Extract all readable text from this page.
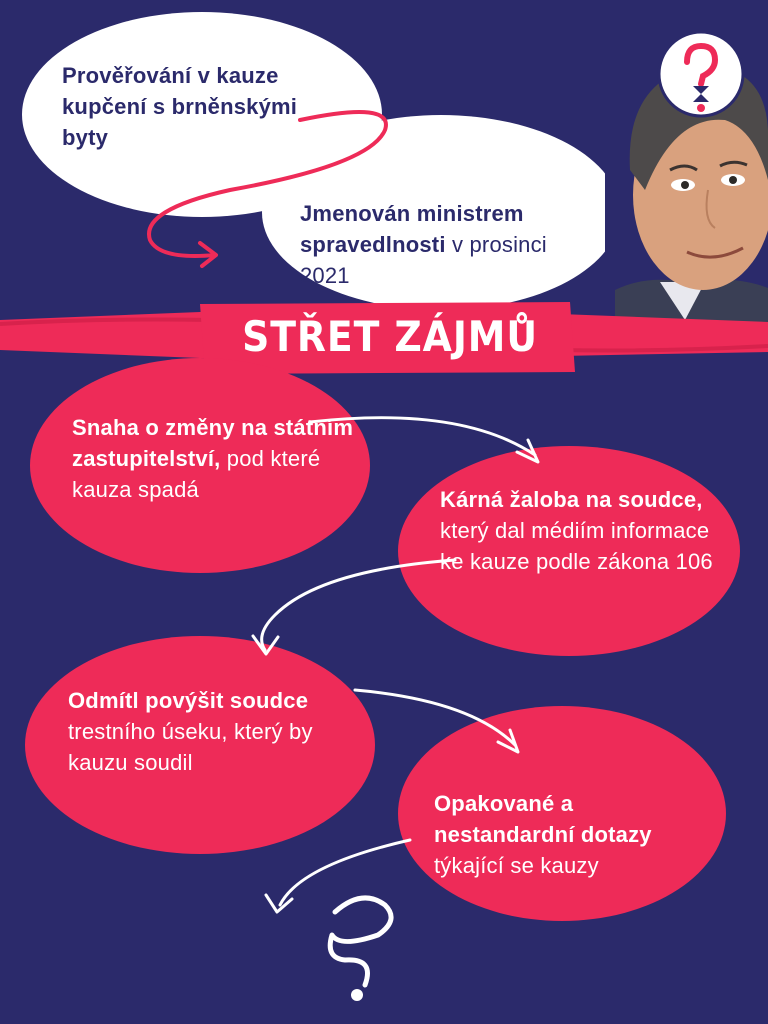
Prověřování v kauze kupčení s brněnskými byty
Jmenován ministrem spravedlnosti v prosinci 2021
STŘET ZÁJMŮ
Snaha o změny na státním zastupitelství, pod které kauza spadá	Kárná žaloba na soudce, který dal médiím informace ke kauze podle zákona 106
Odmítl povýšit soudce trestního úseku, který by kauzu soudil
Opakované a nestandardní dotazy týkající se kauzy
